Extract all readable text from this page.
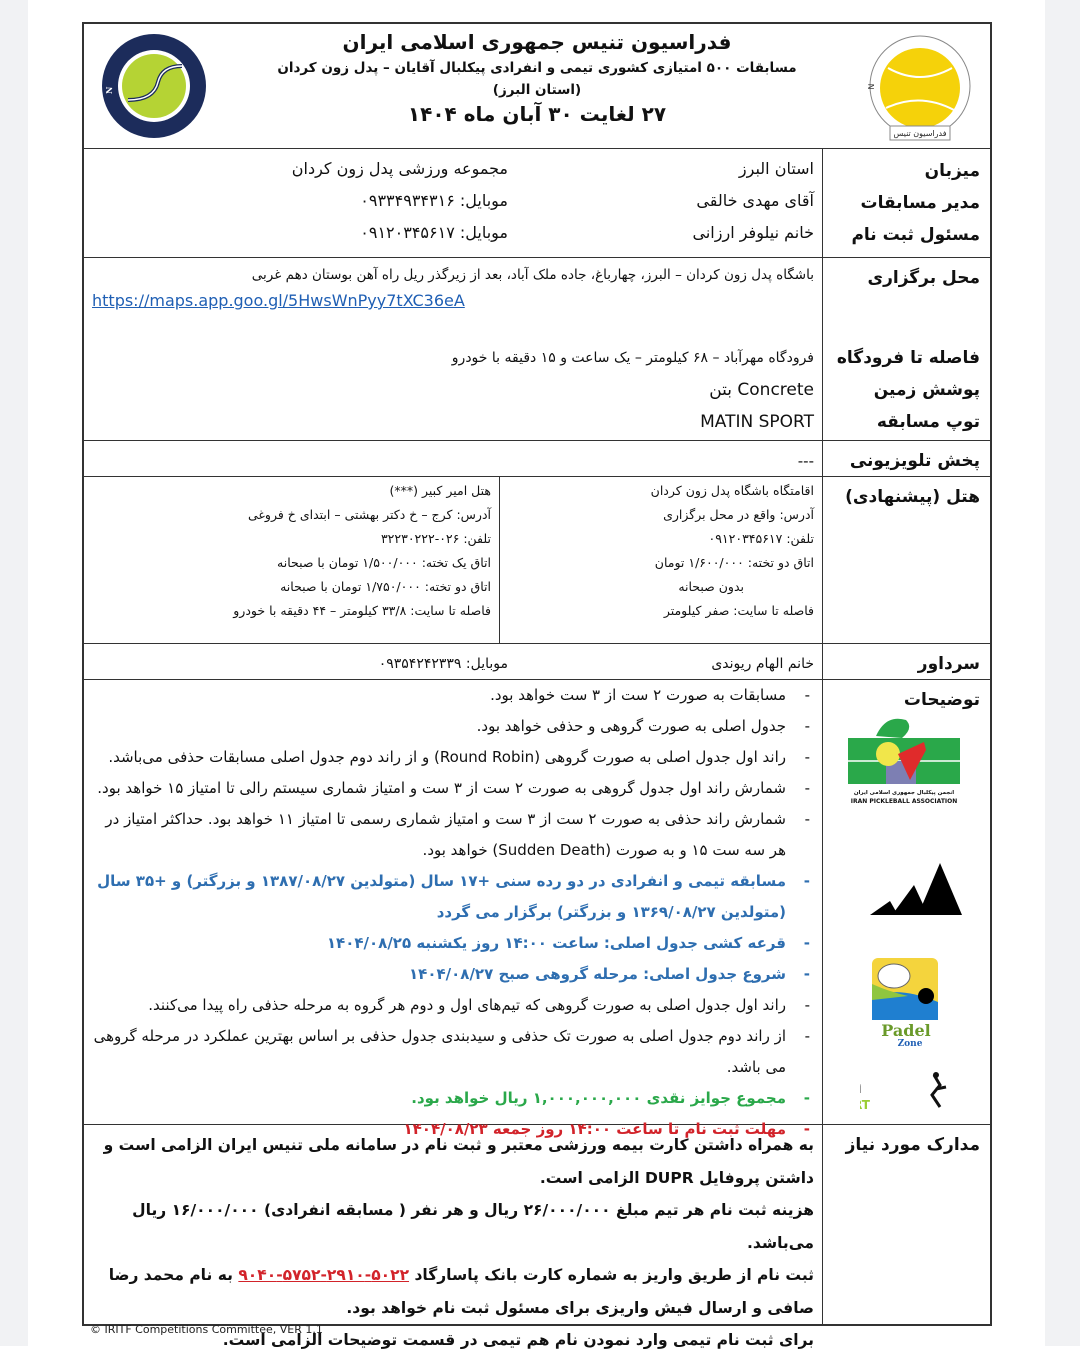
N
فدراسیون تنیس
فدراسیون تنیس جمهوری اسلامی ایران
مسابقات ۵۰۰ امتیازی کشوری تیمی و انفرادی پیکلبال آقایان – پدل زون کردان
(استان البرز)
۲۷ لغایت ۳۰ آبان ماه ۱۴۰۴
N
میزبان
مدیر مسابقات
مسئول ثبت نام
استان البرز
آقای مهدی خالقی
خانم نیلوفر ارزانی
مجموعه ورزشی پدل زون کردان
موبایل: ۰۹۳۳۴۹۳۴۳۱۶
موبایل: ۰۹۱۲۰۳۴۵۶۱۷
محل برگزاری
فاصله تا فرودگاه
پوشش زمین
توپ مسابقه
باشگاه پدل زون کردان – البرز، چهارباغ، جاده ملک آباد، بعد از زیرگذر ریل راه آهن بوستان دهم غربی
https://maps.app.goo.gl/5HwsWnPyy7tXC36eA
فرودگاه مهرآباد – ۶۸ کیلومتر – یک ساعت و ۱۵ دقیقه با خودرو
Concrete بتن
MATIN SPORT
پخش تلویزیونی
---
هتل (پیشنهادی)
اقامتگاه باشگاه پدل زون کردان
آدرس: واقع در محل برگزاری
تلفن: ۰۹۱۲۰۳۴۵۶۱۷
اتاق دو تخته: ۱/۶۰۰/۰۰۰ تومان
بدون صبحانه
فاصله تا سایت: صفر کیلومتر
هتل امیر کبیر (***)
آدرس: کرج – خ دکتر بهشتی – ابتدای خ فروغی
تلفن: ۰۲۶-۳۲۲۳۰۲۲۲
اتاق یک تخته: ۱/۵۰۰/۰۰۰ تومان با صبحانه
اتاق دو تخته: ۱/۷۵۰/۰۰۰ تومان با صبحانه
فاصله تا سایت: ۳۳/۸ کیلومتر – ۴۴ دقیقه با خودرو
سرداور
خانم الهام ریوندی
موبایل: ۰۹۳۵۴۲۴۲۳۳۹
توضیحات
انجمن پیکلبال جمهوری اسلامی ایران
IRAN PICKLEBALL ASSOCIATION
Padel
Zone
T
-
مسابقات به صورت ۲ ست از ۳ ست خواهد بود.
-
جدول اصلی به صورت گروهی و حذفی خواهد بود.
-
راند اول جدول اصلی به صورت گروهی (Round Robin) و از راند دوم جدول اصلی مسابقات حذفی می‌باشد.
-
شمارش راند اول جدول گروهی به صورت ۲ ست از ۳ ست و امتیاز شماری سیستم رالی تا امتیاز ۱۵ خواهد بود.
-
شمارش راند حذفی به صورت ۲ ست از ۳ ست و امتیاز شماری رسمی تا امتیاز ۱۱ خواهد بود. حداکثر امتیاز در هر سه ست ۱۵ و به صورت (Sudden Death) خواهد بود.
-
مسابقه تیمی و انفرادی در دو رده سنی +۱۷ سال (متولدین ۱۳۸۷/۰۸/۲۷ و بزرگتر) و +۳۵ سال (متولدین ۱۳۶۹/۰۸/۲۷ و بزرگتر) برگزار می گردد
-
قرعه کشی جدول اصلی: ساعت ۱۴:۰۰ روز یکشنبه ۱۴۰۴/۰۸/۲۵
-
شروع جدول اصلی: مرحله گروهی صبح ۱۴۰۴/۰۸/۲۷
-
راند اول جدول اصلی به صورت گروهی که تیم‌های اول و دوم هر گروه به مرحله حذفی راه پیدا می‌کنند.
-
از راند دوم جدول اصلی به صورت تک حذفی و سیدبندی جدول حذفی بر اساس بهترین عملکرد در مرحله گروهی می باشد.
-
مجموع جوایز نقدی ۱,۰۰۰,۰۰۰,۰۰۰ ریال خواهد بود.
-
مهلت ثبت نام تا ساعت ۱۴:۰۰ روز جمعه ۱۴۰۴/۰۸/۲۳
مدارک مورد نیاز
به همراه داشتن کارت بیمه ورزشی معتبر و ثبت نام در سامانه ملی تنیس ایران الزامی است و داشتن پروفایل DUPR الزامی است.
هزینه ثبت نام هر تیم مبلغ ۲۶/۰۰۰/۰۰۰ ریال و هر نفر ( مسابقه انفرادی) ۱۶/۰۰۰/۰۰۰ ریال می‌باشد.
ثبت نام از طریق واریز به شماره کارت بانک پاسارگاد ۵۰۲۲-۲۹۱۰-۵۷۵۲-۹۰۴۰ به نام محمد رضا صافی و ارسال فیش واریزی برای مسئول ثبت نام خواهد بود.
برای ثبت نام تیمی وارد نمودن نام هم تیمی در قسمت توضیحات الزامی است.
© IRITF Competitions Committee, VER 1.1
